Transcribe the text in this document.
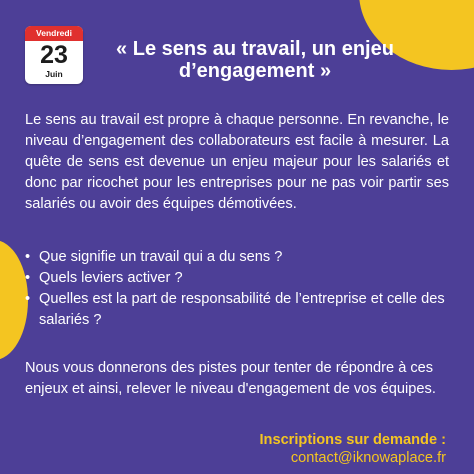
Vendredi
23
Juin
« Le sens au travail, un enjeu d’engagement »

Le sens au travail est propre à chaque personne. En revanche, le niveau d’engagement des collaborateurs est facile à mesurer. La quête de sens est devenue un enjeu majeur pour les salariés et donc par ricochet pour les entreprises pour ne pas voir partir ses salariés ou avoir des équipes démotivées.

• Que signifie un travail qui a du sens ?
• Quels leviers activer ?
• Quelles est la part de responsabilité de l’entreprise et celle des salariés ?

Nous vous donnerons des pistes pour tenter de répondre à ces enjeux et ainsi, relever le niveau d'engagement de vos équipes.

Inscriptions sur demande :
contact@iknowaplace.fr
